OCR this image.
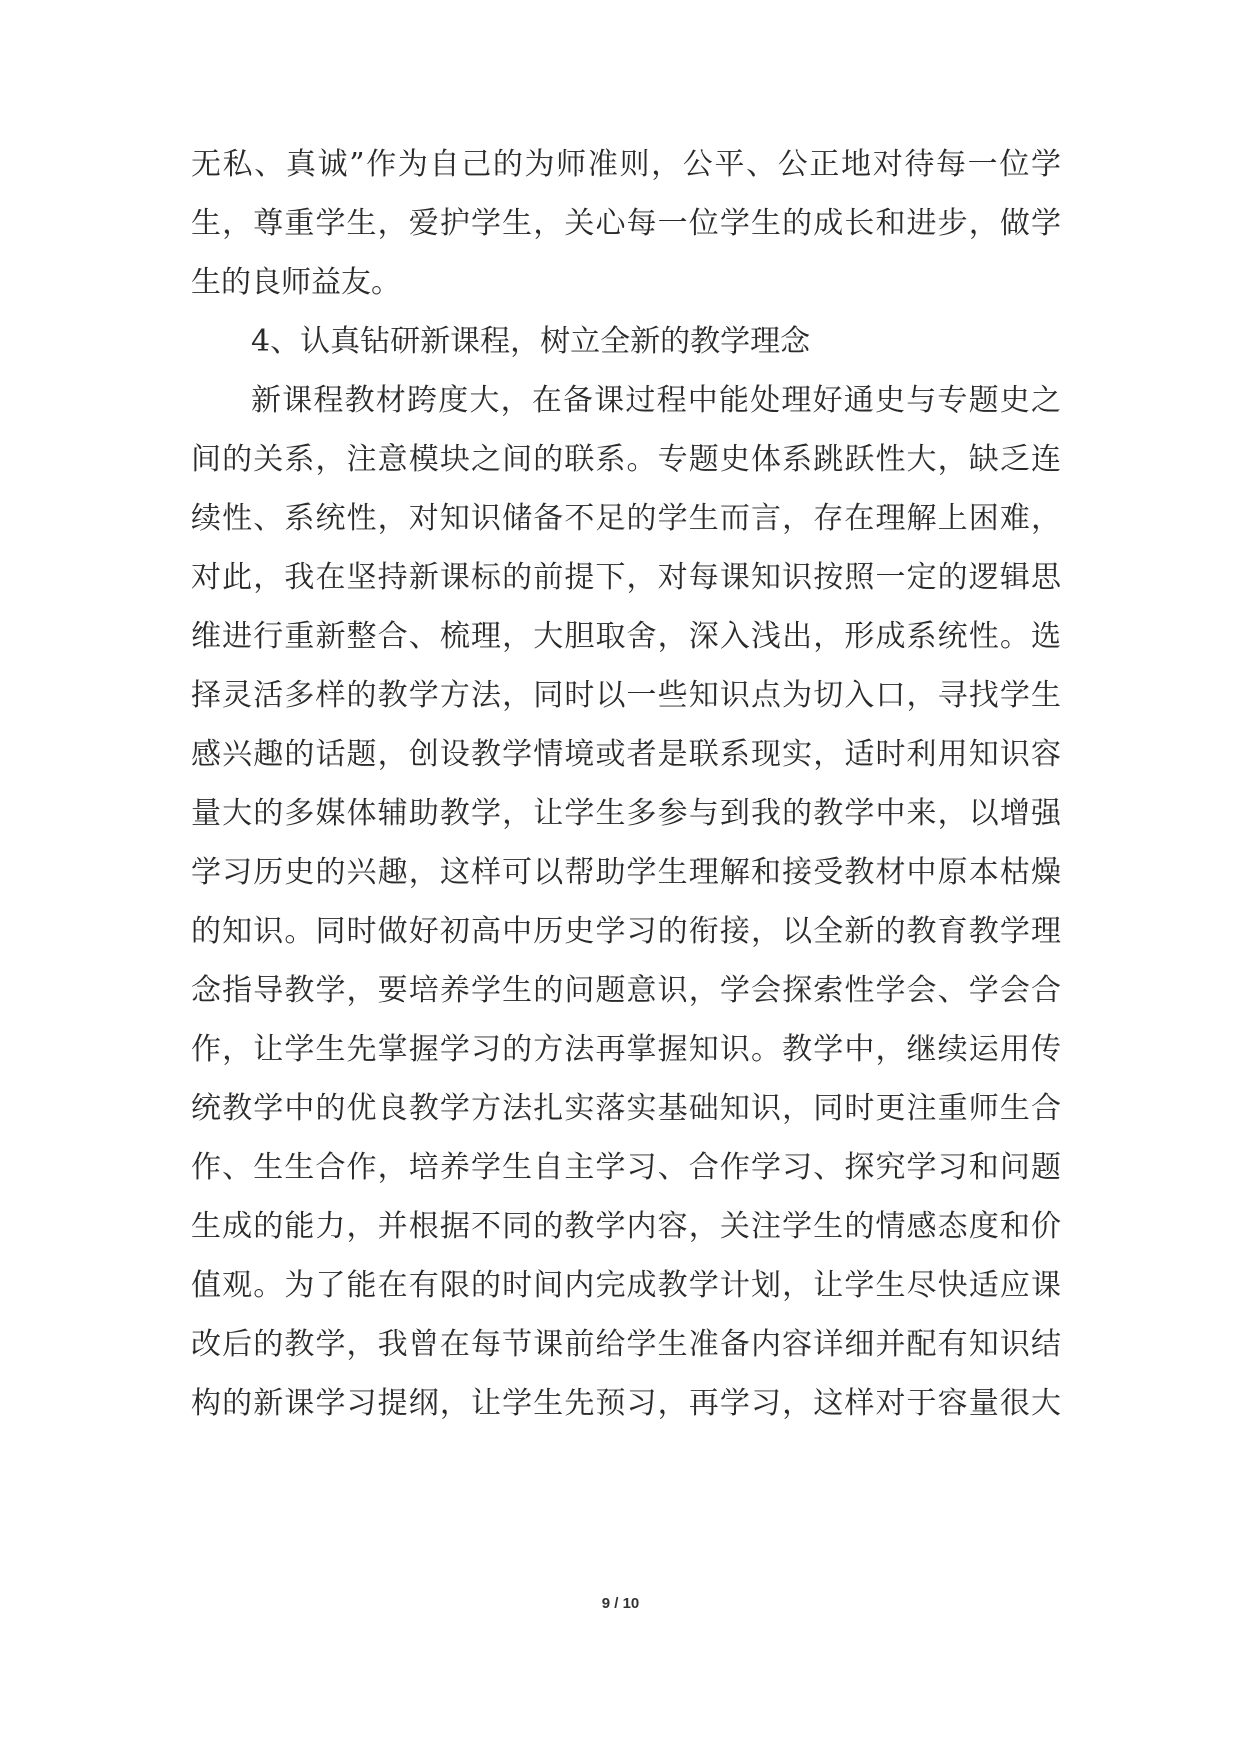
无私、真诚”作为自己的为师准则，公平、公正地对待每一位学
生，尊重学生，爱护学生，关心每一位学生的成长和进步，做学
生的良师益友。
4、认真钻研新课程，树立全新的教学理念
新课程教材跨度大，在备课过程中能处理好通史与专题史之
间的关系，注意模块之间的联系。专题史体系跳跃性大，缺乏连
续性、系统性，对知识储备不足的学生而言，存在理解上困难，
对此，我在坚持新课标的前提下，对每课知识按照一定的逻辑思
维进行重新整合、梳理，大胆取舍，深入浅出，形成系统性。选
择灵活多样的教学方法，同时以一些知识点为切入口，寻找学生
感兴趣的话题，创设教学情境或者是联系现实，适时利用知识容
量大的多媒体辅助教学，让学生多参与到我的教学中来，以增强
学习历史的兴趣，这样可以帮助学生理解和接受教材中原本枯燥
的知识。同时做好初高中历史学习的衔接，以全新的教育教学理
念指导教学，要培养学生的问题意识，学会探索性学会、学会合
作，让学生先掌握学习的方法再掌握知识。教学中，继续运用传
统教学中的优良教学方法扎实落实基础知识，同时更注重师生合
作、生生合作，培养学生自主学习、合作学习、探究学习和问题
生成的能力，并根据不同的教学内容，关注学生的情感态度和价
值观。为了能在有限的时间内完成教学计划，让学生尽快适应课
改后的教学，我曾在每节课前给学生准备内容详细并配有知识结
构的新课学习提纲，让学生先预习，再学习，这样对于容量很大
9 / 10
